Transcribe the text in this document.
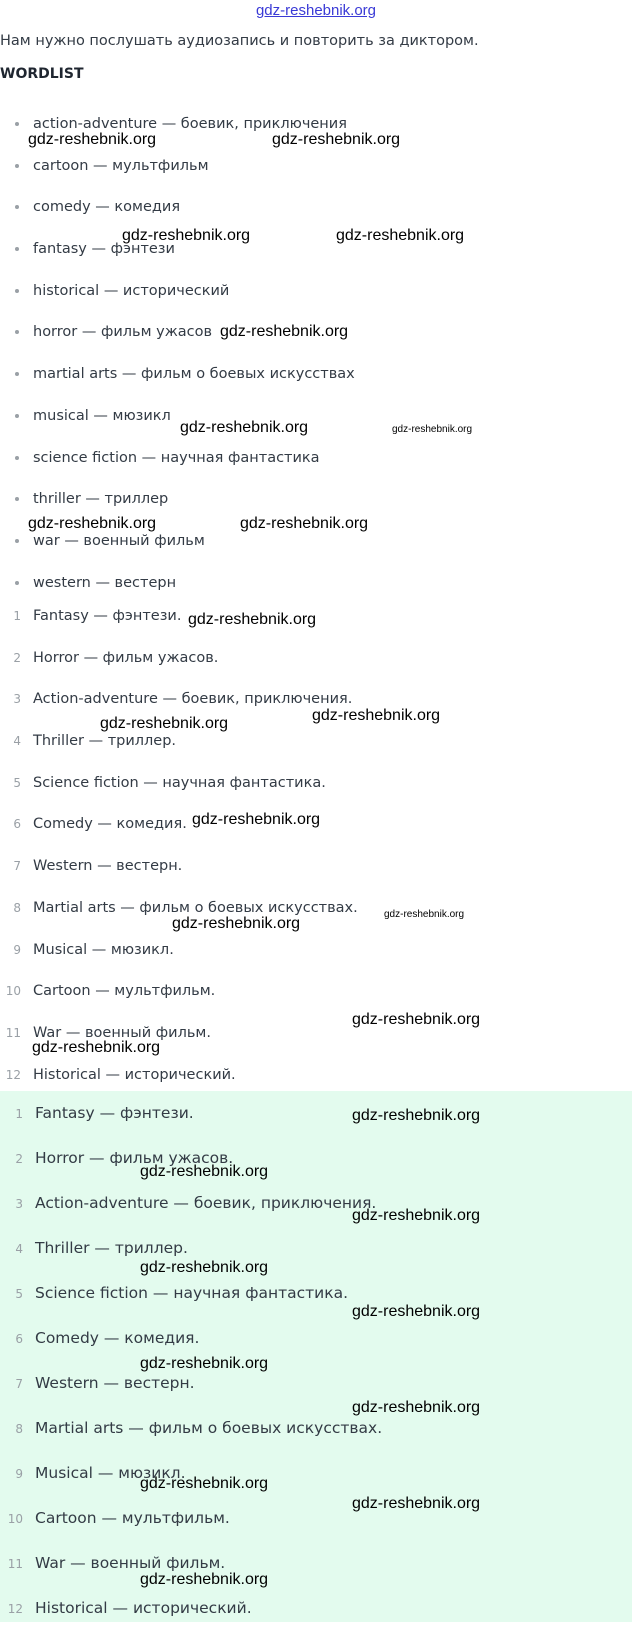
gdz-reshebnik.org
Нам нужно послушать аудиозапись и повторить за диктором.
WORDLIST
action-adventure — боевик, приключения
cartoon — мультфильм
comedy — комедия
fantasy — фэнтези
historical — исторический
horror — фильм ужасов
martial arts — фильм о боевых искусствах
musical — мюзикл
science fiction — научная фантастика
thriller — триллер
war — военный фильм
western — вестерн
1 Fantasy — фэнтези.
2 Horror — фильм ужасов.
3 Action-adventure — боевик, приключения.
4 Thriller — триллер.
5 Science fiction — научная фантастика.
6 Comedy — комедия.
7 Western — вестерн.
8 Martial arts — фильм о боевых искусствах.
9 Musical — мюзикл.
10 Cartoon — мультфильм.
11 War — военный фильм.
12 Historical — исторический.
1 Fantasy — фэнтези.
2 Horror — фильм ужасов.
3 Action-adventure — боевик, приключения.
4 Thriller — триллер.
5 Science fiction — научная фантастика.
6 Comedy — комедия.
7 Western — вестерн.
8 Martial arts — фильм о боевых искусствах.
9 Musical — мюзикл.
10 Cartoon — мультфильм.
11 War — военный фильм.
12 Historical — исторический.
gdz-reshebnik.org	gdz-reshebnik.org
gdz-reshebnik.org	gdz-reshebnik.org
gdz-reshebnik.org
gdz-reshebnik.org	gdz-reshebnik.org
gdz-reshebnik.org	gdz-reshebnik.org
gdz-reshebnik.org
gdz-reshebnik.org	gdz-reshebnik.org
gdz-reshebnik.org
gdz-reshebnik.org
gdz-reshebnik.org
gdz-reshebnik.org
gdz-reshebnik.org
gdz-reshebnik.org
gdz-reshebnik.org
gdz-reshebnik.org
gdz-reshebnik.org
gdz-reshebnik.org
gdz-reshebnik.org
gdz-reshebnik.org
gdz-reshebnik.org
gdz-reshebnik.org
gdz-reshebnik.org
